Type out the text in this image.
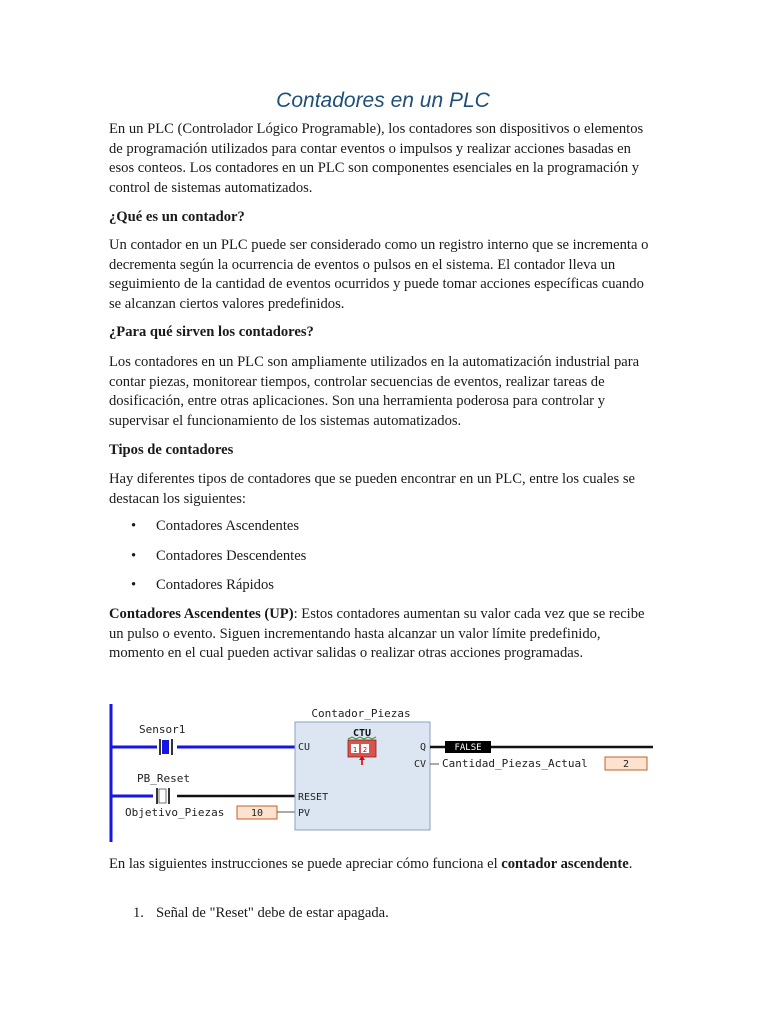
Contadores en un PLC

En un PLC (Controlador Lógico Programable), los contadores son dispositivos o elementos de programación utilizados para contar eventos o impulsos y realizar acciones basadas en esos conteos. Los contadores en un PLC son componentes esenciales en la programación y control de sistemas automatizados.

¿Qué es un contador?

Un contador en un PLC puede ser considerado como un registro interno que se incrementa o decrementa según la ocurrencia de eventos o pulsos en el sistema. El contador lleva un seguimiento de la cantidad de eventos ocurridos y puede tomar acciones específicas cuando se alcanzan ciertos valores predefinidos.

¿Para qué sirven los contadores?

Los contadores en un PLC son ampliamente utilizados en la automatización industrial para contar piezas, monitorear tiempos, controlar secuencias de eventos, realizar tareas de dosificación, entre otras aplicaciones. Son una herramienta poderosa para controlar y supervisar el funcionamiento de los sistemas automatizados.

Tipos de contadores

Hay diferentes tipos de contadores que se pueden encontrar en un PLC, entre los cuales se destacan los siguientes:

• Contadores Ascendentes
• Contadores Descendentes
• Contadores Rápidos

Contadores Ascendentes (UP): Estos contadores aumentan su valor cada vez que se recibe un pulso o evento. Siguen incrementando hasta alcanzar un valor límite predefinido, momento en el cual pueden activar salidas o realizar otras acciones programadas.

En las siguientes instrucciones se puede apreciar cómo funciona el contador ascendente.

1. Señal de "Reset" debe de estar apagada.
Sensor1
PB_Reset
Objetivo_Piezas	10
Contador_Piezas
CTU
1 2
CU
RESET
PV
Q
CV
FALSE
Cantidad_Piezas_Actual	2
